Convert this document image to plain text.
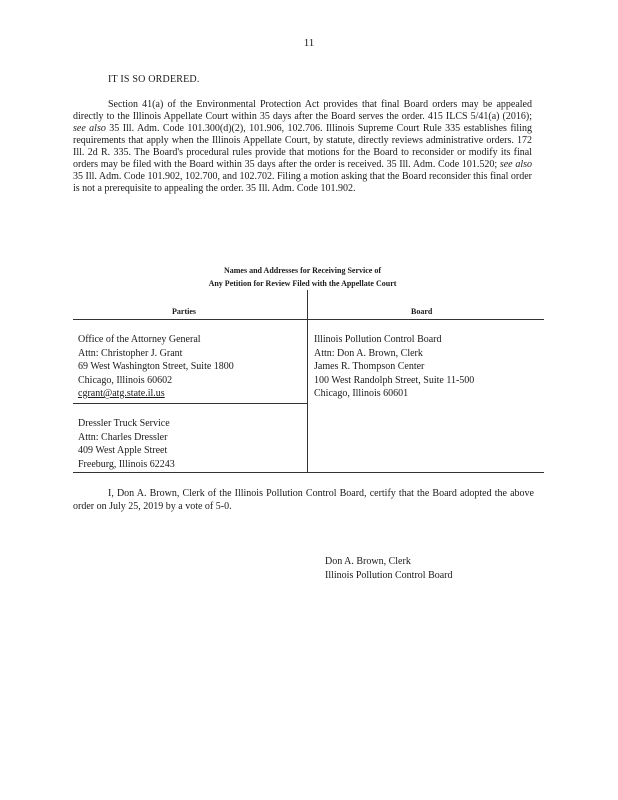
11
IT IS SO ORDERED.

Section 41(a) of the Environmental Protection Act provides that final Board orders may be appealed directly to the Illinois Appellate Court within 35 days after the Board serves the order. 415 ILCS 5/41(a) (2016); see also 35 Ill. Adm. Code 101.300(d)(2), 101.906, 102.706. Illinois Supreme Court Rule 335 establishes filing requirements that apply when the Illinois Appellate Court, by statute, directly reviews administrative orders. 172 Ill. 2d R. 335. The Board's procedural rules provide that motions for the Board to reconsider or modify its final orders may be filed with the Board within 35 days after the order is received. 35 Ill. Adm. Code 101.520; see also 35 Ill. Adm. Code 101.902, 102.700, and 102.702. Filing a motion asking that the Board reconsider this final order is not a prerequisite to appealing the order. 35 Ill. Adm. Code 101.902.

Names and Addresses for Receiving Service of
Any Petition for Review Filed with the Appellate Court
Parties	Board
Office of the Attorney General
Attn: Christopher J. Grant
69 West Washington Street, Suite 1800
Chicago, Illinois 60602
cgrant@atg.state.il.us
Dressler Truck Service
Attn: Charles Dressler
409 West Apple Street
Freeburg, Illinois 62243
Illinois Pollution Control Board
Attn: Don A. Brown, Clerk
James R. Thompson Center
100 West Randolph Street, Suite 11-500
Chicago, Illinois 60601

I, Don A. Brown, Clerk of the Illinois Pollution Control Board, certify that the Board adopted the above order on July 25, 2019 by a vote of 5-0.

Don A. Brown, Clerk
Illinois Pollution Control Board
